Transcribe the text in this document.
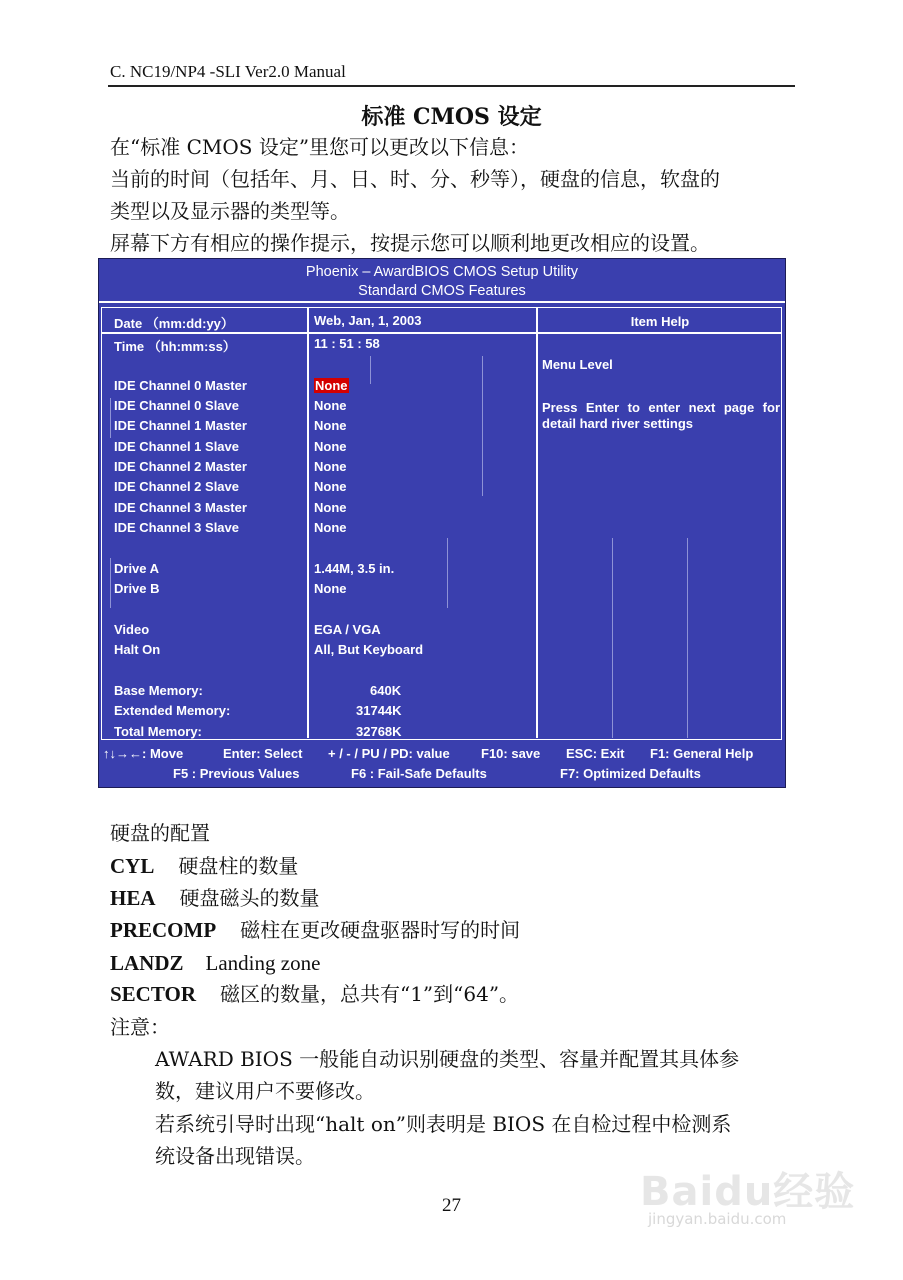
C. NC19/NP4 -SLI Ver2.0 Manual
标准 CMOS 设定
在“标准 CMOS 设定”里您可以更改以下信息：
当前的时间（包括年、月、日、时、分、秒等），硬盘的信息，软盘的
类型以及显示器的类型等。
屏幕下方有相应的操作提示，按提示您可以顺利地更改相应的设置。
Phoenix – AwardBIOS CMOS Setup Utility
Standard CMOS Features
Date （mm:dd:yy）	Web, Jan, 1, 2003
Time （hh:mm:ss）	11 : 51 : 58
IDE Channel 0 Master	None
IDE Channel 0 Slave	None
IDE Channel 1 Master	None
IDE Channel 1 Slave	None
IDE Channel 2 Master	None
IDE Channel 2 Slave	None
IDE Channel 3 Master	None
IDE Channel 3 Slave	None
Drive A	1.44M, 3.5 in.
Drive B	None
Video	EGA / VGA
Halt On	All, But Keyboard
Base Memory:	640K
Extended Memory:	31744K
Total Memory:	32768K
Item Help
Menu Level
Press Enter to enter next page for detail hard river settings
↑↓→←: Move	Enter: Select + / - / PU / PD: value F10: save ESC: Exit F1: General Help
F5 : Previous Values	F6 : Fail-Safe Defaults	F7: Optimized Defaults
硬盘的配置
CYL 硬盘柱的数量
HEA 硬盘磁头的数量
PRECOMP 磁柱在更改硬盘驱器时写的时间
LANDZ Landing zone
SECTOR 磁区的数量，总共有“1”到“64”。
注意：
AWARD BIOS 一般能自动识别硬盘的类型、容量并配置其具体参
数，建议用户不要修改。
若系统引导时出现“halt on”则表明是 BIOS 在自检过程中检测系
统设备出现错误。
27	Baidu经验
jingyan.baidu.com
